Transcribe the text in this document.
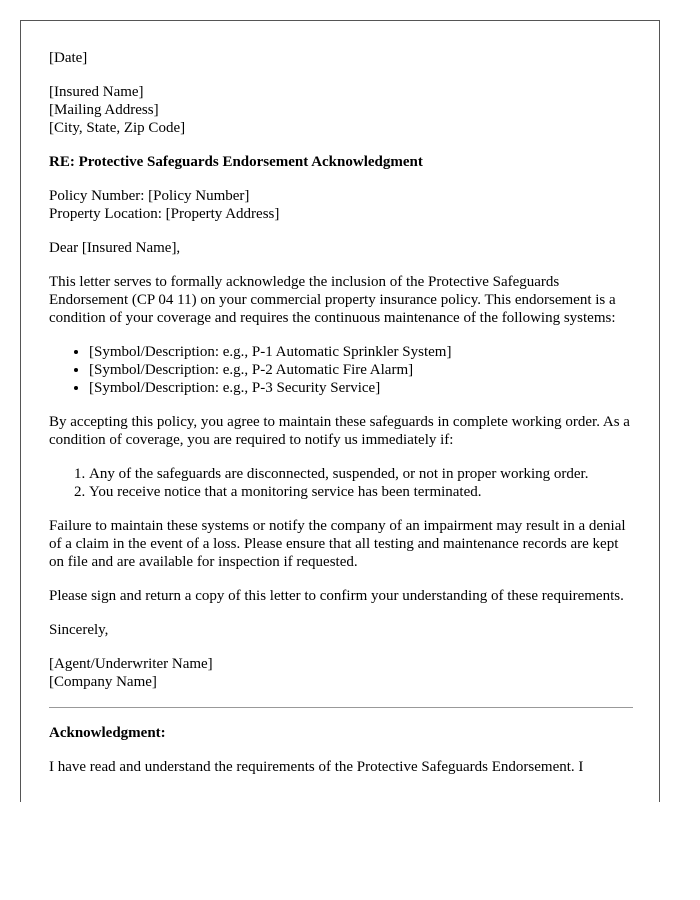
[Date]

[Insured Name]
[Mailing Address]
[City, State, Zip Code]

RE: Protective Safeguards Endorsement Acknowledgment

Policy Number: [Policy Number]
Property Location: [Property Address]

Dear [Insured Name],

This letter serves to formally acknowledge the inclusion of the Protective Safeguards Endorsement (CP 04 11) on your commercial property insurance policy. This endorsement is a condition of your coverage and requires the continuous maintenance of the following systems:

• [Symbol/Description: e.g., P-1 Automatic Sprinkler System]
• [Symbol/Description: e.g., P-2 Automatic Fire Alarm]
• [Symbol/Description: e.g., P-3 Security Service]

By accepting this policy, you agree to maintain these safeguards in complete working order. As a condition of coverage, you are required to notify us immediately if:

1. Any of the safeguards are disconnected, suspended, or not in proper working order.
2. You receive notice that a monitoring service has been terminated.

Failure to maintain these systems or notify the company of an impairment may result in a denial of a claim in the event of a loss. Please ensure that all testing and maintenance records are kept on file and are available for inspection if requested.

Please sign and return a copy of this letter to confirm your understanding of these requirements.

Sincerely,

[Agent/Underwriter Name]
[Company Name]

Acknowledgment:

I have read and understand the requirements of the Protective Safeguards Endorsement. I
